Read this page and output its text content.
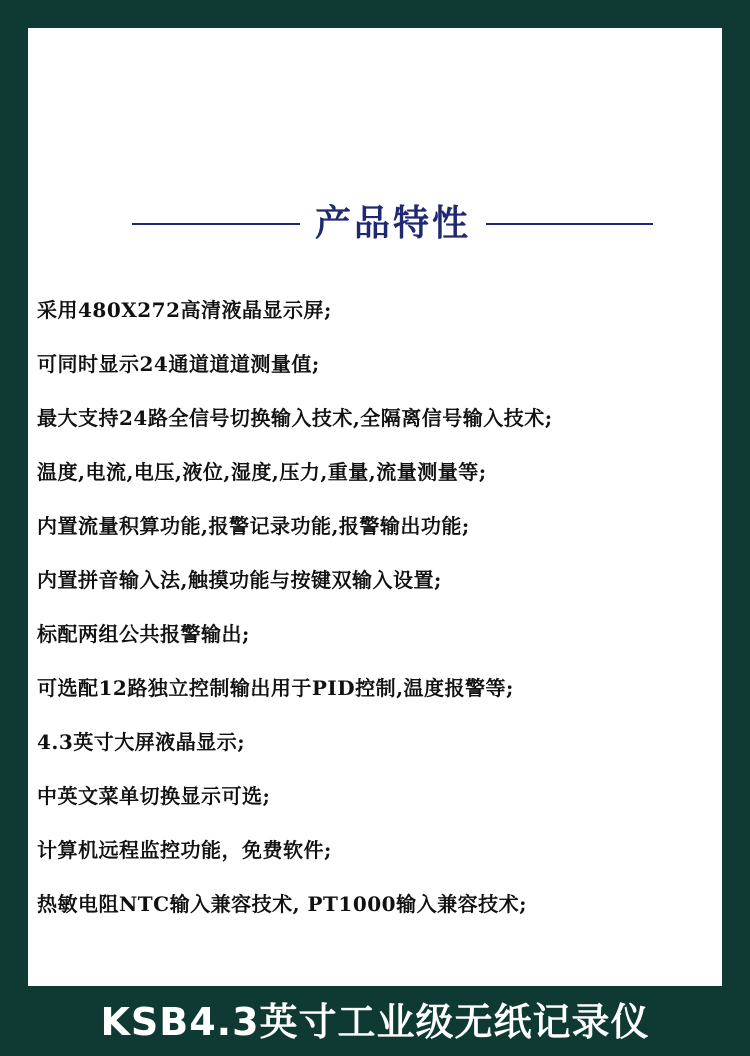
产品特性
采用480X272高清液晶显示屏;
可同时显示24通道道道测量值;
最大支持24路全信号切换输入技术,全隔离信号输入技术;
温度,电流,电压,液位,湿度,压力,重量,流量测量等;
内置流量积算功能,报警记录功能,报警输出功能;
内置拼音输入法,触摸功能与按键双输入设置;
标配两组公共报警输出;
可选配12路独立控制输出用于PID控制,温度报警等;
4.3英寸大屏液晶显示;
中英文菜单切换显示可选;
计算机远程监控功能，免费软件;
热敏电阻NTC输入兼容技术, PT1000输入兼容技术;
KSB4.3英寸工业级无纸记录仪
